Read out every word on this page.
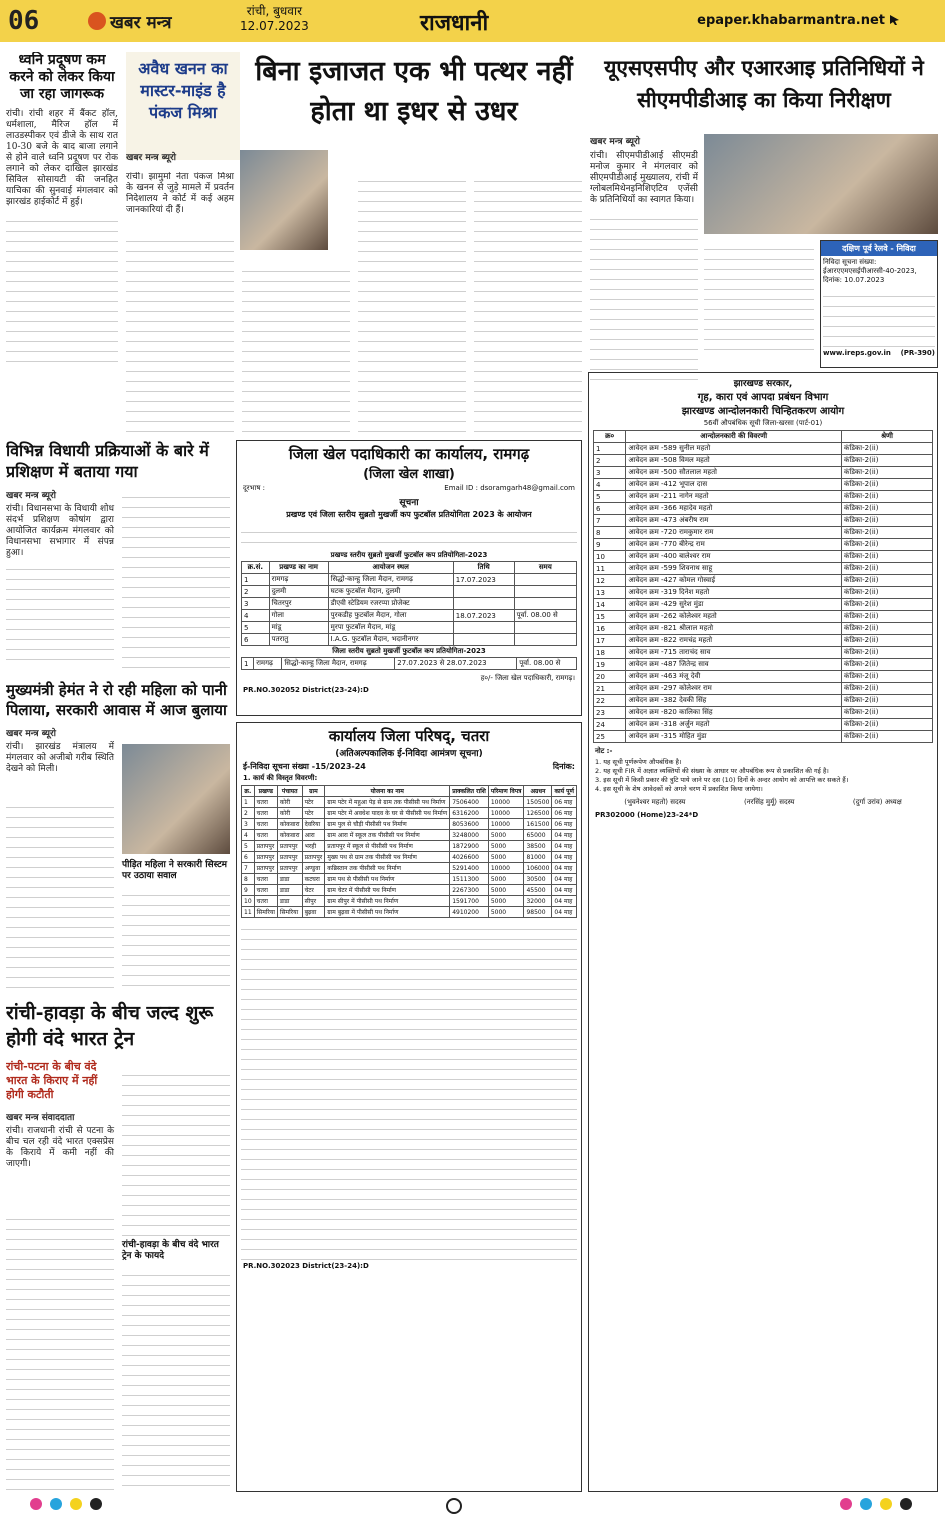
06	खबर मन्त्र
रांची, बुधवार
12.07.2023	राजधानी	epaper.khabarmantra.net
ध्वनि प्रदूषण कम करने को लेकर किया जा रहा जागरूक
रांची। रांची शहर में बैंकट हॉल, धर्मशाला, मैरिज हॉल में लाउडस्पीकर एवं डीजे के साथ रात 10-30 बजे के बाद बाजा लगाने से होने वाले ध्वनि प्रदूषण पर रोक लगाने को लेकर दाखिल झारखंड सिविल सोसायटी की जनहित याचिका की सुनवाई मंगलवार को झारखंड हाईकोर्ट में हुई।
अवैध खनन का मास्टर-माइंड है पंकज मिश्रा
बिना इजाजत एक भी पत्थर नहीं होता था इधर से उधर
खबर मन्त्र ब्यूरो
रांची। झामुमो नेता पंकज मिश्रा के खनन से जुड़े मामले में प्रवर्तन निदेशालय ने कोर्ट में कई अहम जानकारियां दी हैं।
यूएसएसपीए और एआरआइ प्रतिनिधियों ने सीएमपीडीआइ का किया निरीक्षण
खबर मन्त्र ब्यूरो
रांची। सीएमपीडीआई सीएमडी मनोज कुमार ने मंगलवार को सीएमपीडीआई मुख्यालय, रांची में ग्लोबलमिथेनइनिशिएटिव एजेंसी के प्रतिनिधियों का स्वागत किया।
दक्षिण पूर्व रेलवे - निविदा
निविदा सूचना संख्या: ईआरएएमएसईपीआरसी-40-2023, दिनांक: 10.07.2023
www.ireps.gov.in (PR-390)
विभिन्न विधायी प्रक्रियाओं के बारे में प्रशिक्षण में बताया गया
खबर मन्त्र ब्यूरो
रांची। विधानसभा के विधायी शोध संदर्भ प्रशिक्षण कोषांग द्वारा आयोजित कार्यक्रम मंगलवार को विधानसभा सभागार में संपन्न हुआ।
जिला खेल पदाधिकारी का कार्यालय, रामगढ़
(जिला खेल शाखा)
दूरभाष :	Email ID : dsoramgarh48@gmail.com
सूचना
प्रखण्ड एवं जिला स्तरीय सुब्रतो मुखर्जी कप फुटबॉल प्रतियोगिता 2023 के आयोजन
प्रखण्ड स्तरीय सुब्रतो मुखर्जी फुटबॉल कप प्रतियोगिता-2023
क्र.सं.	प्रखण्ड का नाम	आयोजन स्थल	तिथि	समय
1	रामगढ़	सिद्धो-कान्हु जिला मैदान, रामगढ़	17.07.2023	
2	दुलमी	घटक फुटबॉल मैदान, दुलमी		
3	चितरपुर	डीएवी स्टेडियम रजरप्पा प्रोजेक्ट		
4	गोला	पुरकडीह फुटबॉल मैदान, गोला	18.07.2023	पूर्वा. 08.00 से
5	मांडू	मुरपा फुटबॉल मैदान, मांडू		
6	पतरातु	I.A.G. फुटबॉल मैदान, भदानीनगर		
जिला स्तरीय सुब्रतो मुखर्जी फुटबॉल कप प्रतियोगिता-2023
1	रामगढ़	सिद्धो-कान्हु जिला मैदान, रामगढ़	27.07.2023 से 28.07.2023	पूर्वा. 08.00 से
ह०/- जिला खेल पदाधिकारी, रामगढ़।
PR.NO.302052 District(23-24):D
मुख्यमंत्री हेमंत ने रो रही महिला को पानी पिलाया, सरकारी आवास में आज बुलाया
खबर मन्त्र ब्यूरो
रांची। झारखंड मंत्रालय में मंगलवार को अजीबो गरीब स्थिति देखने को मिली।
पीड़ित महिला ने सरकारी सिस्टम पर उठाया सवाल
रांची-हावड़ा के बीच जल्द शुरू होगी वंदे भारत ट्रेन
रांची-पटना के बीच वंदे भारत के किराए में नहीं होगी कटौती
खबर मन्त्र संवाददाता
रांची। राजधानी रांची से पटना के बीच चल रही वंदे भारत एक्सप्रेस के किराये में कमी नहीं की जाएगी।
रांची-हावड़ा के बीच वंदे भारत ट्रेन के फायदे
कार्यालय जिला परिषद्, चतरा
(अतिअल्पकालिक ई-निविदा आमंत्रण सूचना)
ई-निविदा सूचना संख्या -15/2023-24	दिनांक:
1. कार्य की विस्तृत विवरणी:
क्र.	प्रखण्ड	पंचायत	ग्राम	योजना का नाम	प्राक्कलित राशि	परिमाण विपत्र	अग्रधन	कार्य पूर्ण
1	चतरा	कोरी	पटेर	ग्राम पटेर में महुआ पेड़ से ग्राम तक पीसीसी पथ निर्माण	7506400	10000	150500	06 माह
2	चतरा	कोरी	पटेर	ग्राम पटेर में अवधेश यादव के घर से पीसीसी पथ निर्माण	6316200	10000	126500	06 माह
3	चतरा	कोकवारा	देवरिया	ग्राम पुल से चौड़ी पीसीसी पथ निर्माण	8053600	10000	161500	06 माह
4	चतरा	कोकवारा	आरा	ग्राम आरा में स्कूल तक पीसीसी पथ निर्माण	3248000	5000	65000	04 माह
5	प्रतापपुर	प्रतापपुर	भरही	प्रतापपुर में स्कूल से पीसीसी पथ निर्माण	1872900	5000	38500	04 माह
6	प्रतापपुर	प्रतापपुर	प्रतापपुर	मुख्य पथ से ग्राम तक पीसीसी पथ निर्माण	4026600	5000	81000	04 माह
7	प्रतापपुर	प्रतापपुर	अण्डुवा	कब्रिस्तान तक पीसीसी पथ निर्माण	5291400	10000	106000	04 माह
8	चतरा	डाडा	कटघरा	ग्राम पथ से पीसीसी पथ निर्माण	1511300	5000	30500	04 माह
9	चतरा	डाडा	चेटर	ग्राम चेटर में पीसीसी पथ निर्माण	2267300	5000	45500	04 माह
10	चतरा	डाडा	सीपुर	ग्राम सीपुर में पीसीसी पथ निर्माण	1591700	5000	32000	04 माह
11	सिमरिया	सिमरिया	बुढ़वा	ग्राम बुढ़वा में पीसीसी पथ निर्माण	4910200	5000	98500	04 माह
PR.NO.302023 District(23-24):D
झारखण्ड सरकार,
गृह, कारा एवं आपदा प्रबंधन विभाग
झारखण्ड आन्दोलनकारी चिन्हितकरण आयोग
56वीं औपबंधिक सूची जिला-खरसा (पार्ट-01)
क्र०	आन्दोलनकारी की विवरणी	श्रेणी
1	आवेदन क्रम -589 सुनील महतो	कंडिका-2(ii)
2	आवेदन क्रम -508 विमल महतो	कंडिका-2(ii)
3	आवेदन क्रम -500 सौतलाल महतो	कंडिका-2(ii)
4	आवेदन क्रम -412 भूपाल दास	कंडिका-2(ii)
5	आवेदन क्रम -211 नागेन महतो	कंडिका-2(ii)
6	आवेदन क्रम -366 महादेव महतो	कंडिका-2(ii)
7	आवेदन क्रम -473 अंबरीष राम	कंडिका-2(ii)
8	आवेदन क्रम -720 रामकुमार राम	कंडिका-2(ii)
9	आवेदन क्रम -770 बीरेन्द्र राम	कंडिका-2(ii)
10	आवेदन क्रम -400 बालेश्वर राम	कंडिका-2(ii)
11	आवेदन क्रम -599 शिवनाथ साहू	कंडिका-2(ii)
12	आवेदन क्रम -427 कोमल गोस्वाई	कंडिका-2(ii)
13	आवेदन क्रम -319 दिनेश महतो	कंडिका-2(ii)
14	आवेदन क्रम -429 सुरेश मुंडा	कंडिका-2(ii)
15	आवेदन क्रम -262 कोलेश्वर महतो	कंडिका-2(ii)
16	आवेदन क्रम -821 श्रीलाल महतो	कंडिका-2(ii)
17	आवेदन क्रम -822 रामचंद्र महतो	कंडिका-2(ii)
18	आवेदन क्रम -715 ताराचंद साव	कंडिका-2(ii)
19	आवेदन क्रम -487 जितेन्द्र साव	कंडिका-2(ii)
20	आवेदन क्रम -463 मंजू देवी	कंडिका-2(ii)
21	आवेदन क्रम -297 कोलेश्वर राम	कंडिका-2(ii)
22	आवेदन क्रम -382 देवकी सिंह	कंडिका-2(ii)
23	आवेदन क्रम -820 कालिका सिंह	कंडिका-2(ii)
24	आवेदन क्रम -318 अर्जुन महतो	कंडिका-2(ii)
25	आवेदन क्रम -315 मोहित मुंडा	कंडिका-2(ii)
नोट :-
1. यह सूची पूर्णरूपेण औपबंधिक है।
2. यह सूची FIR में अज्ञात व्यक्तियों की संख्या के आधार पर औपबंधिक रूप से प्रकाशित की गई है।
3. इस सूची में किसी प्रकार की त्रुटि पाये जाने पर दस (10) दिनों के अन्दर आयोग को आपत्ति कर सकते हैं।
4. इस सूची के शेष आवेदकों को अगले चरण में प्रकाशित किया जायेगा।
(भुवनेश्वर महतो) सदस्य	(नरसिंह मुर्मू) सदस्य	(दुर्गा उरांव) अध्यक्ष
PR302000 (Home)23-24*D
